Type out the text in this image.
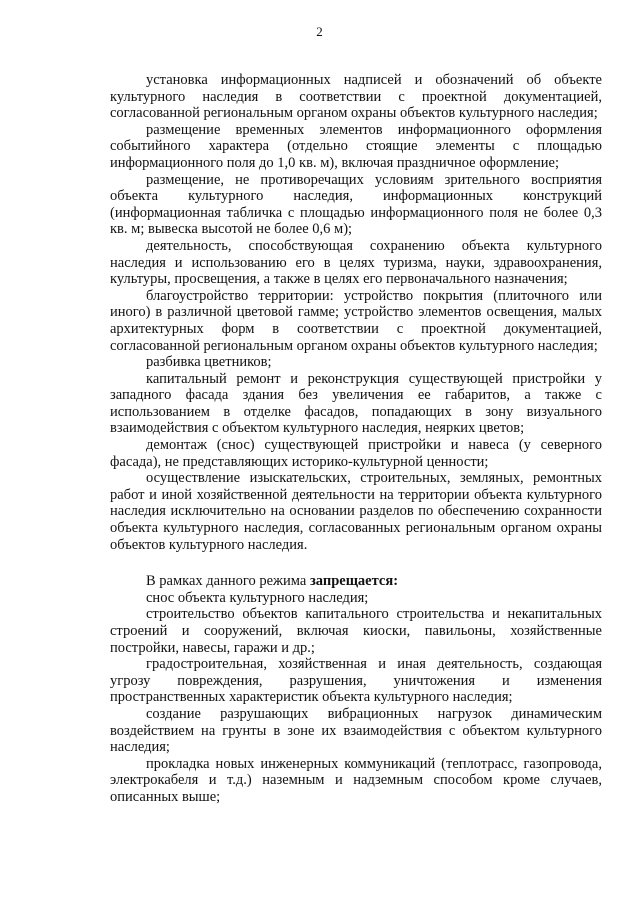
2

установка информационных надписей и обозначений об объекте культурного наследия в соответствии с проектной документацией, согласованной региональным органом охраны объектов культурного наследия;

размещение временных элементов информационного оформления событийного характера (отдельно стоящие элементы с площадью информационного поля до 1,0 кв. м), включая праздничное оформление;

размещение, не противоречащих условиям зрительного восприятия объекта культурного наследия, информационных конструкций (информационная табличка с площадью информационного поля не более 0,3 кв. м; вывеска высотой не более 0,6 м);

деятельность, способствующая сохранению объекта культурного наследия и использованию его в целях туризма, науки, здравоохранения, культуры, просвещения, а также в целях его первоначального назначения;

благоустройство территории: устройство покрытия (плиточного или иного) в различной цветовой гамме; устройство элементов освещения, малых архитектурных форм в соответствии с проектной документацией, согласованной региональным органом охраны объектов культурного наследия;

разбивка цветников;

капитальный ремонт и реконструкция существующей пристройки у западного фасада здания без увеличения ее габаритов, а также с использованием в отделке фасадов, попадающих в зону визуального взаимодействия с объектом культурного наследия, неярких цветов;

демонтаж (снос) существующей пристройки и навеса (у северного фасада), не представляющих историко-культурной ценности;

осуществление изыскательских, строительных, земляных, ремонтных работ и иной хозяйственной деятельности на территории объекта культурного наследия исключительно на основании разделов по обеспечению сохранности объекта культурного наследия, согласованных региональным органом охраны объектов культурного наследия.

В рамках данного режима запрещается:

снос объекта культурного наследия;

строительство объектов капитального строительства и некапитальных строений и сооружений, включая киоски, павильоны, хозяйственные постройки, навесы, гаражи и др.;

градостроительная, хозяйственная и иная деятельность, создающая угрозу повреждения, разрушения, уничтожения и изменения пространственных характеристик объекта культурного наследия;

создание разрушающих вибрационных нагрузок динамическим воздействием на грунты в зоне их взаимодействия с объектом культурного наследия;

прокладка новых инженерных коммуникаций (теплотрасс, газопровода, электрокабеля и т.д.) наземным и надземным способом кроме случаев, описанных выше;
